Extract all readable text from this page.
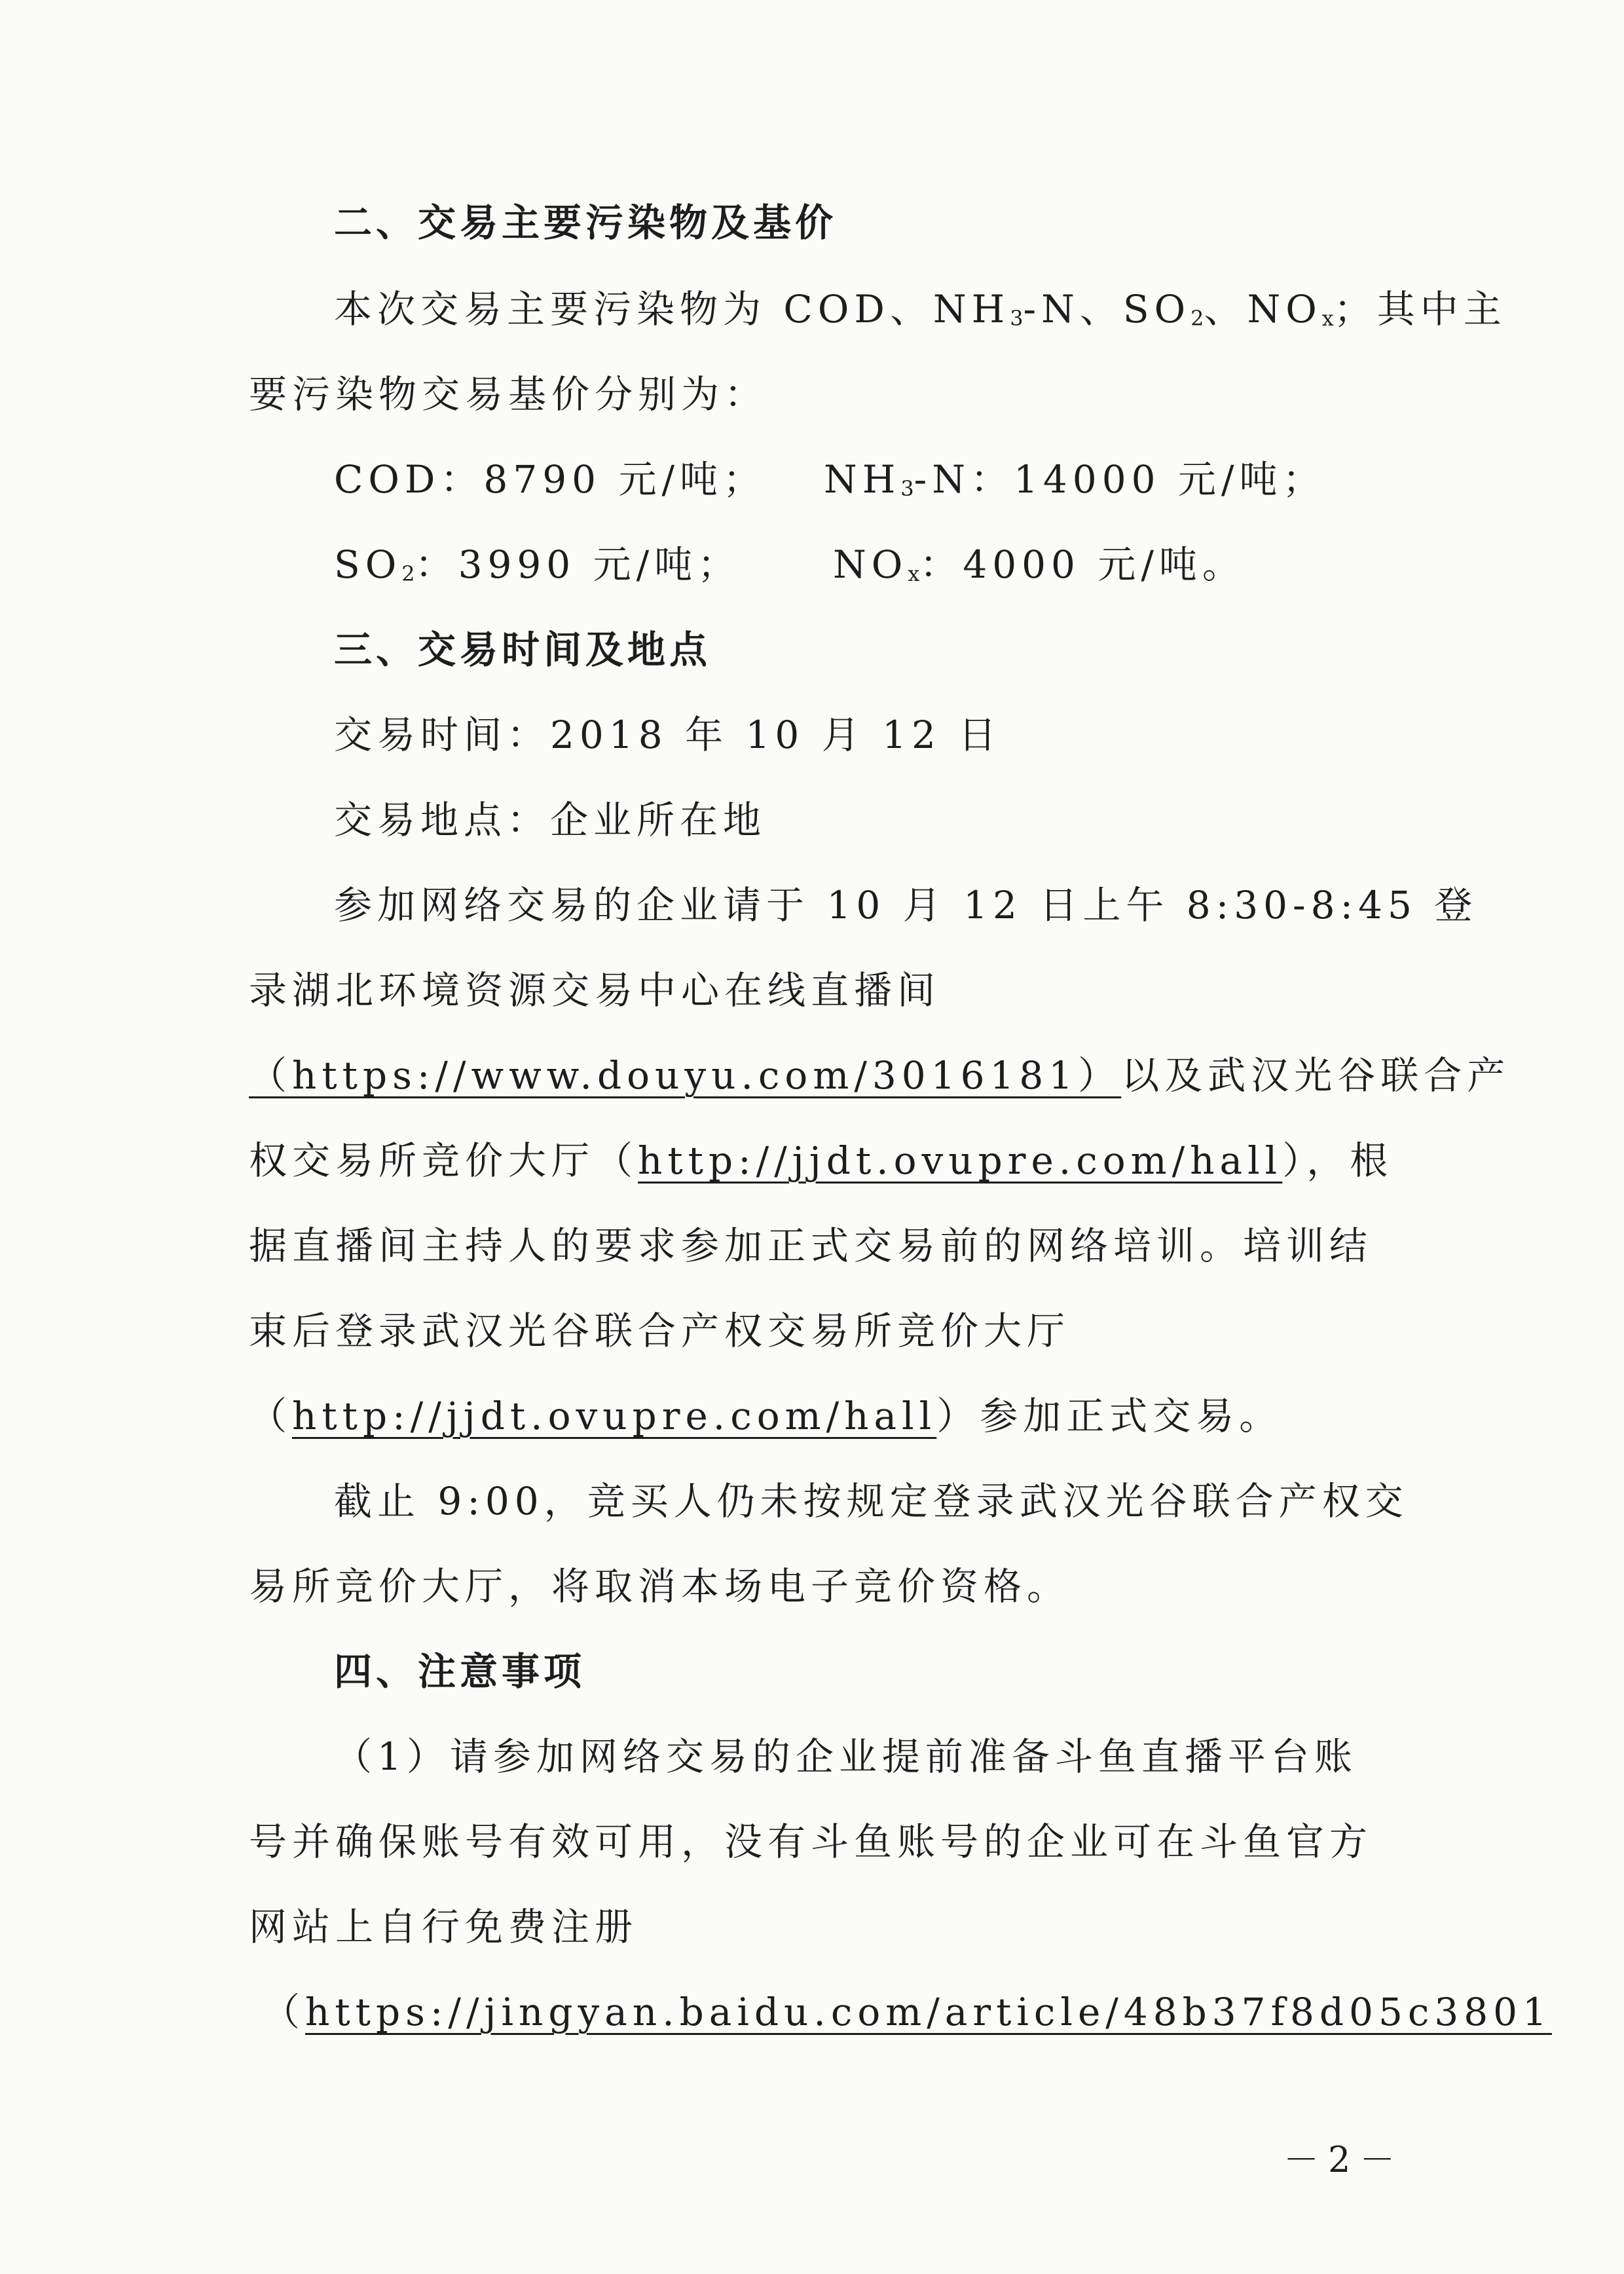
二、交易主要污染物及基价
本次交易主要污染物为 COD、$NH_3-N$、$SO_2$、$NO_x$；其中主
要污染物交易基价分别为：
COD：8790 元/吨； $NH_3-N$：14000 元/吨；
$SO_2$：3990 元/吨； $NO_x$：4000 元/吨。
三、交易时间及地点
交易时间：2018 年 10 月 12 日
交易地点：企业所在地
参加网络交易的企业请于 10 月 12 日上午 8:30-8:45 登
录湖北环境资源交易中心在线直播间
（https://www.douyu.com/3016181）以及武汉光谷联合产
权交易所竞价大厅（http://jjdt.ovupre.com/hall），根
据直播间主持人的要求参加正式交易前的网络培训。培训结
束后登录武汉光谷联合产权交易所竞价大厅
（http://jjdt.ovupre.com/hall）参加正式交易。
截止 9:00，竞买人仍未按规定登录武汉光谷联合产权交
易所竞价大厅，将取消本场电子竞价资格。
四、注意事项
（1）请参加网络交易的企业提前准备斗鱼直播平台账
号并确保账号有效可用，没有斗鱼账号的企业可在斗鱼官方
网站上自行免费注册
（https://jingyan.baidu.com/article/48b37f8d05c3801
－2－
